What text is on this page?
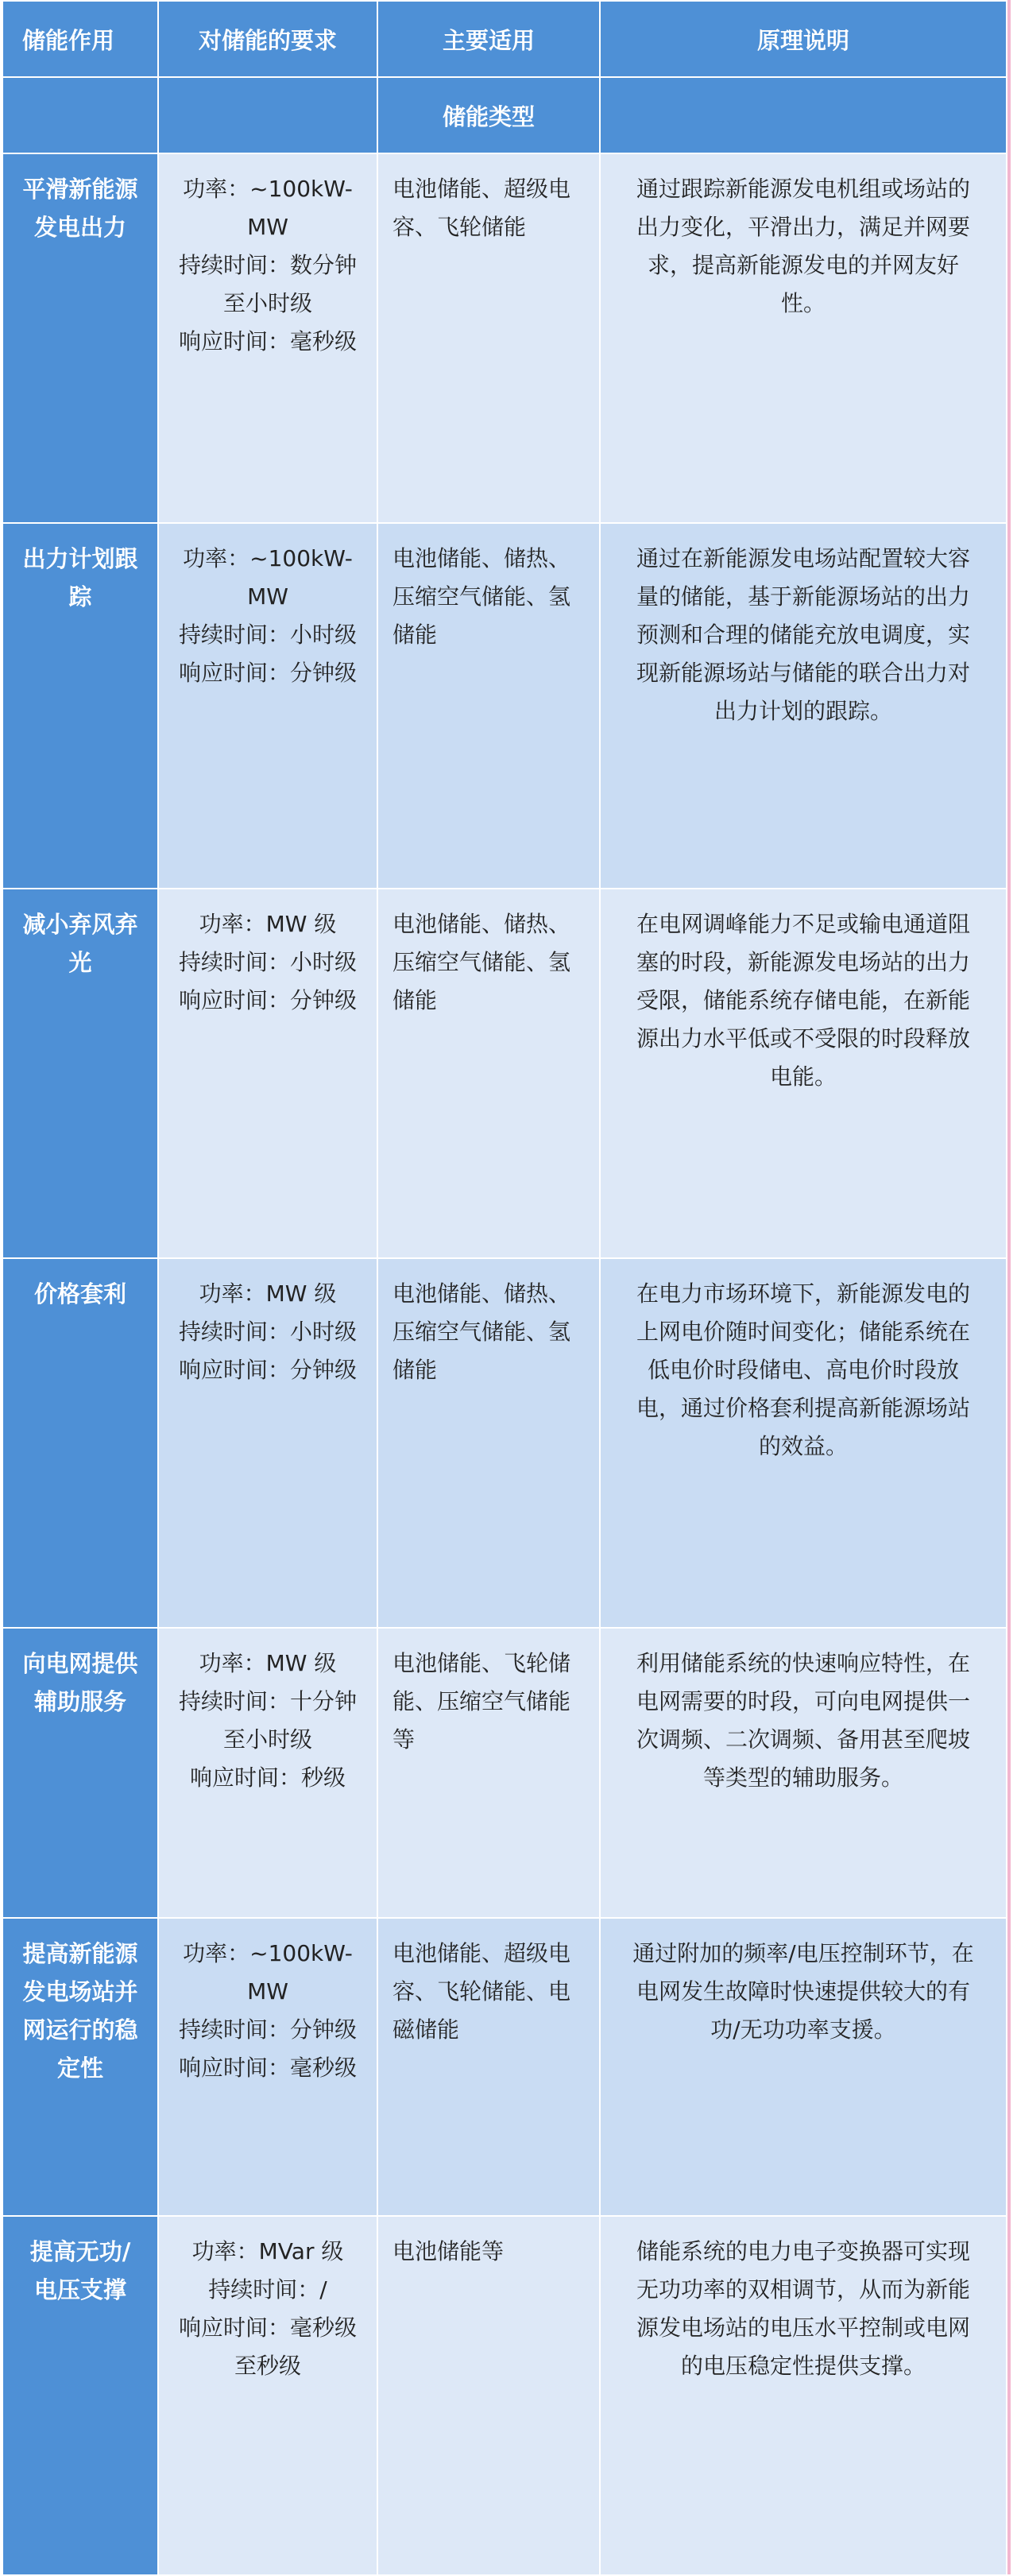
储能作用	对储能的要求	主要适用	原理说明
		储能类型	
平滑新能源
发电出力	功率：~100kW-
MW
持续时间：数分钟
至小时级
响应时间：毫秒级	电池储能、超级电
容、飞轮储能	通过跟踪新能源发电机组或场站的
出力变化，平滑出力，满足并网要
求，提高新能源发电的并网友好
性。
出力计划跟
踪	功率：~100kW-
MW
持续时间：小时级
响应时间：分钟级	电池储能、储热、
压缩空气储能、氢
储能	通过在新能源发电场站配置较大容
量的储能，基于新能源场站的出力
预测和合理的储能充放电调度，实
现新能源场站与储能的联合出力对
出力计划的跟踪。
减小弃风弃
光	功率：MW 级
持续时间：小时级
响应时间：分钟级	电池储能、储热、
压缩空气储能、氢
储能	在电网调峰能力不足或输电通道阻
塞的时段，新能源发电场站的出力
受限，储能系统存储电能，在新能
源出力水平低或不受限的时段释放
电能。
价格套利	功率：MW 级
持续时间：小时级
响应时间：分钟级	电池储能、储热、
压缩空气储能、氢
储能	在电力市场环境下，新能源发电的
上网电价随时间变化；储能系统在
低电价时段储电、高电价时段放
电，通过价格套利提高新能源场站
的效益。
向电网提供
辅助服务	功率：MW 级
持续时间：十分钟
至小时级
响应时间：秒级	电池储能、飞轮储
能、压缩空气储能
等	利用储能系统的快速响应特性，在
电网需要的时段，可向电网提供一
次调频、二次调频、备用甚至爬坡
等类型的辅助服务。
提高新能源
发电场站并
网运行的稳
定性	功率：~100kW-
MW
持续时间：分钟级
响应时间：毫秒级	电池储能、超级电
容、飞轮储能、电
磁储能	通过附加的频率/电压控制环节，在
电网发生故障时快速提供较大的有
功/无功功率支援。
提高无功/
电压支撑	功率：MVar 级
持续时间：/
响应时间：毫秒级
至秒级	电池储能等	储能系统的电力电子变换器可实现
无功功率的双相调节，从而为新能
源发电场站的电压水平控制或电网
的电压稳定性提供支撑。
